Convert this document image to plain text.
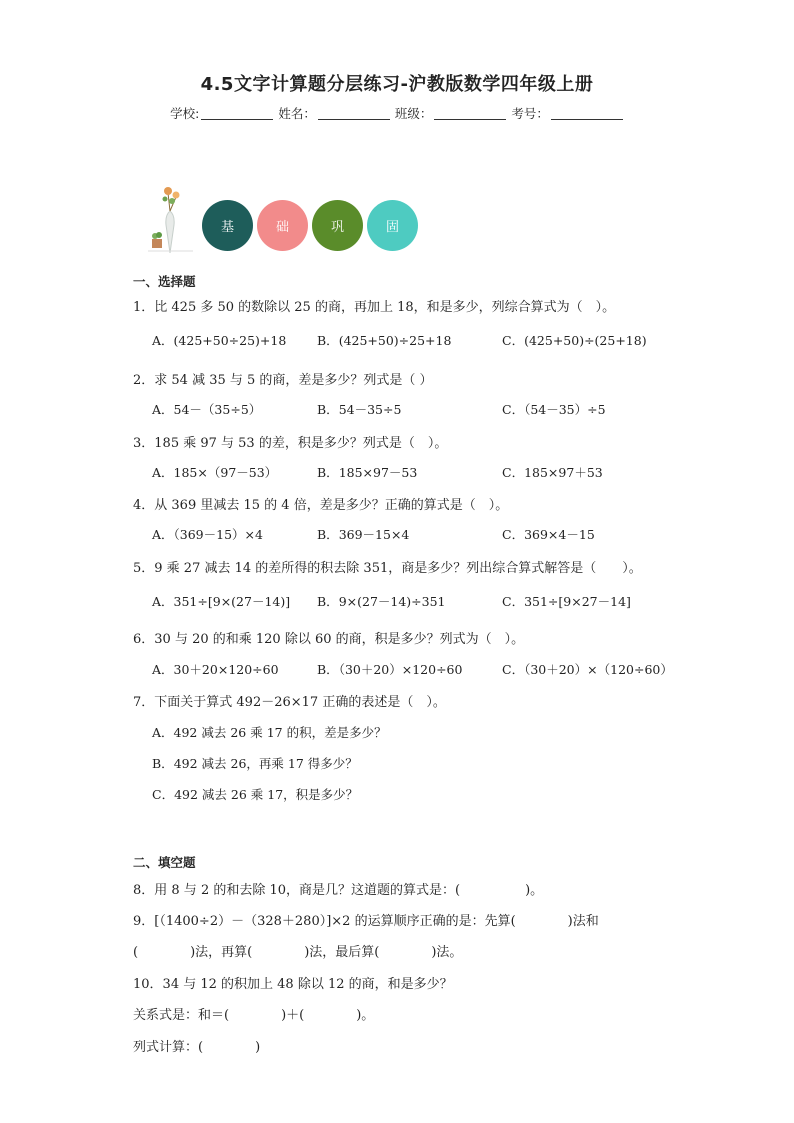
4.5文字计算题分层练习-沪教版数学四年级上册
学校:	姓名：	班级：	考号：
基	础	巩	固
一、选择题
1．比 425 多 50 的数除以 25 的商，再加上 18，和是多少，列综合算式为（　）。
A．(425+50÷25)+18 B．(425+50)÷25+18	C．(425+50)÷(25+18)
2．求 54 减 35 与 5 的商，差是多少？列式是（ ）
A．54－（35÷5）	B．54－35÷5	C．（54－35）÷5
3．185 乘 97 与 53 的差，积是多少？列式是（　）。
A．185×（97－53）	B．185×97－53	C．185×97＋53
4．从 369 里减去 15 的 4 倍，差是多少？正确的算式是（　）。
A．（369－15）×4	B．369－15×4	C．369×4－15
5．9 乘 27 减去 14 的差所得的积去除 351，商是多少？列出综合算式解答是（　　）。
A．351÷[9×(27－14)] B．9×(27－14)÷351	C．351÷[9×27－14]
6．30 与 20 的和乘 120 除以 60 的商，积是多少？列式为（　）。
A．30＋20×120÷60	B．（30＋20）×120÷60	C．（30＋20）×（120÷60）
7．下面关于算式 492－26×17 正确的表述是（　）。
A．492 减去 26 乘 17 的积，差是多少？
B．492 减去 26，再乘 17 得多少？
C．492 减去 26 乘 17，积是多少？
二、填空题
8．用 8 与 2 的和去除 10，商是几？这道题的算式是：(　　　　　)。
9．[（1400÷2）－（328＋280）]×2 的运算顺序正确的是：先算(　　　　)法和
(　　　　)法，再算(　　　　)法，最后算(　　　　)法。
10．34 与 12 的积加上 48 除以 12 的商，和是多少？
关系式是：和＝(　　　　)＋(　　　　)。
列式计算：(　　　　)
